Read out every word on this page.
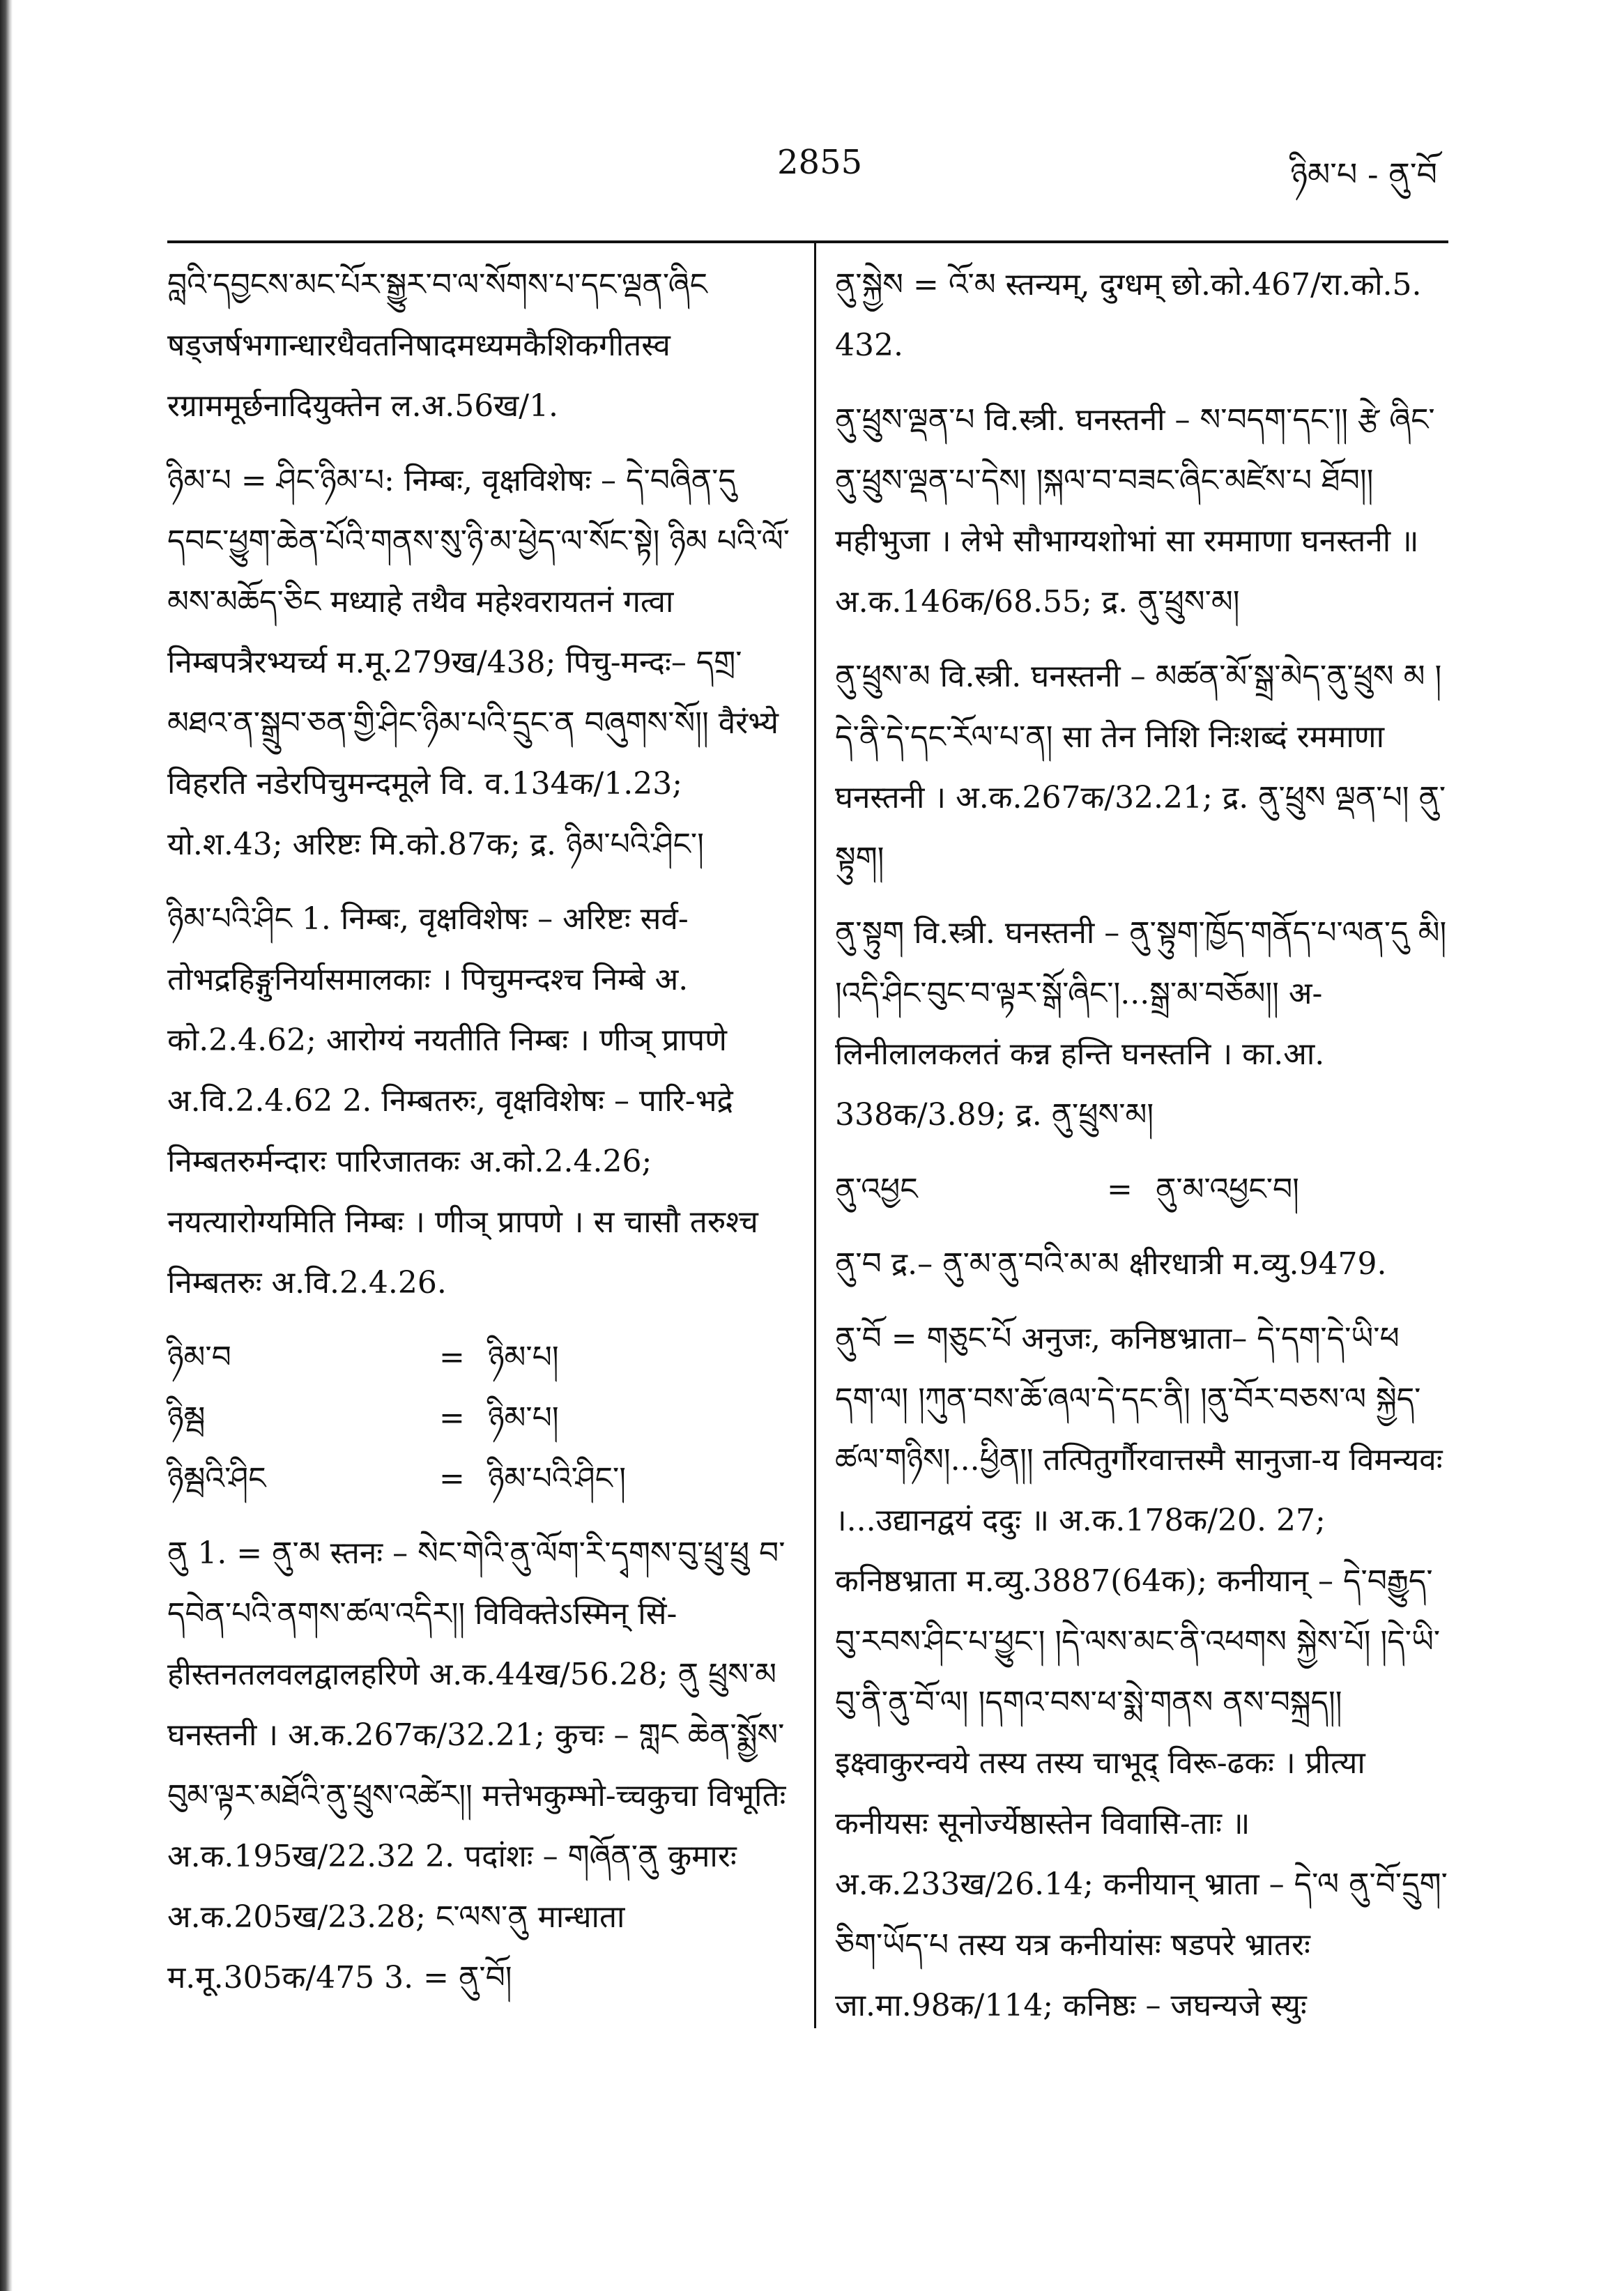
2855	ཉིམ་པ - ནུ་བོ

བླའི་དབྱངས་མང་པོར་སྒྱུར་བ་ལ་སོགས་པ་དང་ལྡན་ཞིང षड्जर्षभगान्धारधैवतनिषादमध्यमकैशिकगीतस्व रग्राममूर्छनादियुक्तेन ल.अ.56ख/1.

ཉིམ་པ = ཤིང་ཉིམ་པ: निम्बः, वृक्षविशेषः – དེ་བཞིན་དུ དབང་ཕྱུག་ཆེན་པོའི་གནས་སུ་ཉི་མ་ཕྱེད་ལ་སོང་སྟེ། ཉིམ པའི་ལོ་མས་མཆོད་ཅིང मध्याहे तथैव महेश्वरायतनं गत्वा निम्बपत्रैरभ्यर्च्य म.मू.279ख/438; पिचु-मन्दः– དགྲ་མཐའ་ན་སྒྲུབ་ཅན་གྱི་ཤིང་ཉིམ་པའི་དྲུང་ན བཞུགས་སོ།། वैरंभ्ये विहरति नडेरपिचुमन्दमूले वि. व.134क/1.23; यो.श.43; अरिष्टः मि.को.87क; द्र. ཉིམ་པའི་ཤིང་།

ཉིམ་པའི་ཤིང 1. निम्बः, वृक्षविशेषः – अरिष्टः सर्व-तोभद्रहिङ्गुनिर्यासमालकाः । पिचुमन्दश्च निम्बे अ. को.2.4.62; आरोग्यं नयतीति निम्बः । णीञ् प्रापणे अ.वि.2.4.62 2. निम्बतरुः, वृक्षविशेषः – पारि-भद्रे निम्बतरुर्मन्दारः पारिजातकः अ.को.2.4.26; नयत्यारोग्यमिति निम्बः । णीञ् प्रापणे । स चासौ तरुश्च निम्बतरुः अ.वि.2.4.26.

ཉིམ་བ	= ཉིམ་པ།
ཉིམྦ	= ཉིམ་པ།
ཉིམྦའི་ཤིང	= ཉིམ་པའི་ཤིང་།

ནུ 1. = ནུ་མ स्तनः – སེང་གེའི་ནུ་ལོག་རི་དྭགས་བུ་ཕྲུ་ཕྲུ བ་དབེན་པའི་ནགས་ཚལ་འདིར།། विविक्तेऽस्मिन् सिं-हीस्तनतलवलद्वालहरिणे अ.क.44ख/56.28; ནུ ཕྲུས་མ घनस्तनी । अ.क.267क/32.21; कुचः – གླང ཆེན་སྨྱོས་བུམ་ལྟར་མཐོའི་ནུ་ཕྲུས་འཚེར།། मत्तेभकुम्भो-च्चकुचा विभूतिः अ.क.195ख/22.32 2. पदांशः – གཞོན་ནུ कुमारः अ.क.205ख/23.28; ང་ལས་ནུ मान्धाता म.मू.305क/475 3. = ནུ་བོ།

ནུ་སྐྱེས = འོ་མ स्तन्यम्, दुग्धम् छो.को.467/रा.को.5. 432.

ནུ་ཕྲུས་ལྡན་པ वि.स्त्री. घनस्तनी – ས་བདག་དང་།། རྩེ ཞིང་ནུ་ཕྲུས་ལྡན་པ་དེས། །སྐལ་བ་བཟང་ཞིང་མཛེས་པ ཐོབ།། महीभुजा । लेभे सौभाग्यशोभां सा रममाणा घनस्तनी ॥ अ.क.146क/68.55; द्र. ནུ་ཕྲུས་མ།

ནུ་ཕྲུས་མ वि.स्त्री. घनस्तनी – མཚན་མོ་སྒྲ་མེད་ནུ་ཕྲུས མ །དེ་ནི་དེ་དང་རོལ་པ་ན། सा तेन निशि निःशब्दं रममाणा घनस्तनी । अ.क.267क/32.21; द्र. ནུ་ཕྲུས ལྡན་པ། ནུ་སྟུག།

ནུ་སྟུག वि.स्त्री. घनस्तनी – ནུ་སྟུག་ཁྱོད་གནོད་པ་ལན་དུ མི། །འདི་ཤིང་བུང་བ་ལྟར་སྒོ་ཞིང་།...སྒྲ་མ་བཅོམ།། अ-लिनीलालकलतं कन्न हन्ति घनस्तनि । का.आ. 338क/3.89; द्र. ནུ་ཕྲུས་མ།

ནུ་འཕྱང	= ནུ་མ་འཕྱང་བ།

ནུ་བ द्र.– ནུ་མ་ནུ་བའི་མ་མ क्षीरधात्री म.व्यु.9479.

ནུ་བོ = གཅུང་པོ अनुजः, कनिष्ठभ्राता– དེ་དག་དེ་ཡི་ཕ དག་ལ། །ཀུན་བས་ཆོ་ཞལ་དེ་དང་ནི། །ནུ་བོར་བཅས་ལ སྐྱེད་ཚལ་གཉིས།...ཕྱིན།། तत्पितुर्गौरवात्तस्मै सानुजा-य विमन्यवः ।...उद्यानद्वयं ददुः ॥ अ.क.178क/20. 27; कनिष्ठभ्राता म.व्यु.3887(64क); कनीयान् – དེ་བརྒྱུད་བུ་རབས་ཤིང་པ་ཕྱུང་། །དེ་ལས་མང་ནི་འཕགས སྐྱེས་པོ། །དེ་ཡི་བུ་ནི་ནུ་བོ་ལ། །དགའ་བས་ཕ་སྨེ་གནས ནས་བསྐྲད།། इक्ष्वाकुरन्वये तस्य तस्य चाभूद् विरू-ढकः । प्रीत्या कनीयसः सूनोर्ज्येष्ठास्तेन विवासि-ताः ॥ अ.क.233ख/26.14; कनीयान् भ्राता – དེ་ལ ནུ་བོ་དྲུག་ཅིག་ཡོད་པ तस्य यत्र कनीयांसः षडपरे भ्रातरः जा.मा.98क/114; कनिष्ठः – जघन्यजे स्युः
